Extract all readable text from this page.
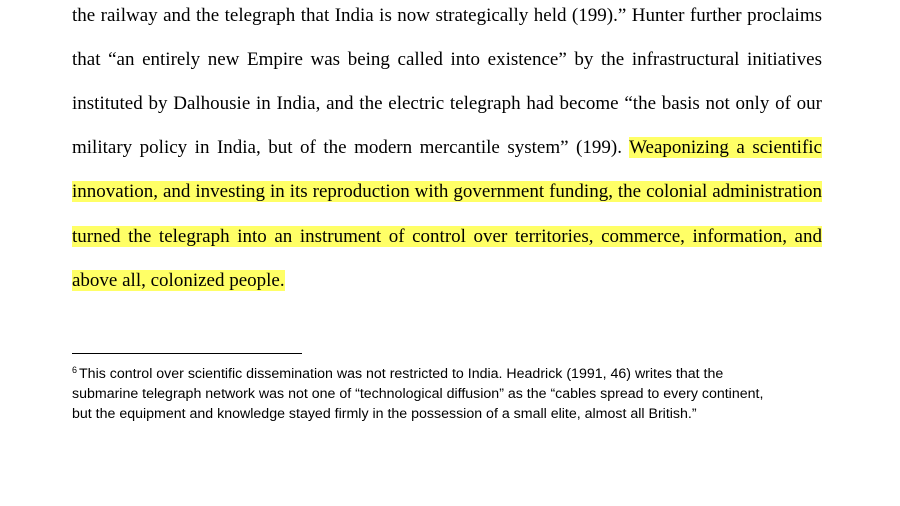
the railway and the telegraph that India is now strategically held (199).” Hunter further proclaims
that “an entirely new Empire was being called into existence” by the infrastructural initiatives
instituted by Dalhousie in India, and the electric telegraph had become “the basis not only of our
military policy in India, but of the modern mercantile system” (199). Weaponizing a scientific
innovation, and investing in its reproduction with government funding, the colonial administration
turned the telegraph into an instrument of control over territories, commerce, information, and
above all, colonized people.
$^6$ This control over scientific dissemination was not restricted to India. Headrick (1991, 46) writes that the
submarine telegraph network was not one of “technological diffusion” as the “cables spread to every continent,
but the equipment and knowledge stayed firmly in the possession of a small elite, almost all British.”
